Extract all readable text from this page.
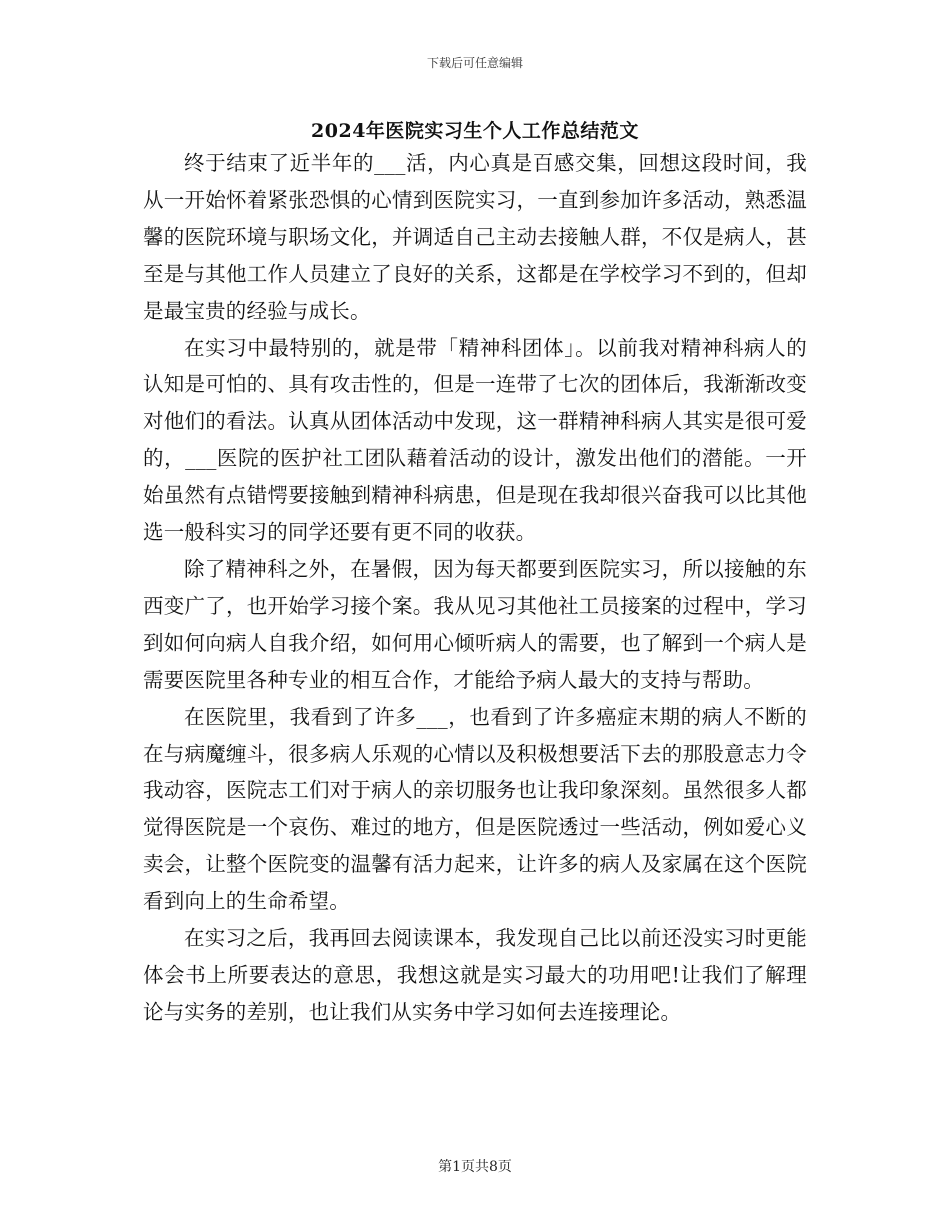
下载后可任意编辑
2024年医院实习生个人工作总结范文

终于结束了近半年的___活，内心真是百感交集，回想这段时间，我从一开始怀着紧张恐惧的心情到医院实习，一直到参加许多活动，熟悉温馨的医院环境与职场文化，并调适自己主动去接触人群，不仅是病人，甚至是与其他工作人员建立了良好的关系，这都是在学校学习不到的，但却是最宝贵的经验与成长。

在实习中最特别的，就是带「精神科团体」。以前我对精神科病人的认知是可怕的、具有攻击性的，但是一连带了七次的团体后，我渐渐改变对他们的看法。认真从团体活动中发现，这一群精神科病人其实是很可爱的，___医院的医护社工团队藉着活动的设计，激发出他们的潜能。一开始虽然有点错愕要接触到精神科病患，但是现在我却很兴奋我可以比其他选一般科实习的同学还要有更不同的收获。

除了精神科之外，在暑假，因为每天都要到医院实习，所以接触的东西变广了，也开始学习接个案。我从见习其他社工员接案的过程中，学习到如何向病人自我介绍，如何用心倾听病人的需要，也了解到一个病人是需要医院里各种专业的相互合作，才能给予病人最大的支持与帮助。

在医院里，我看到了许多___，也看到了许多癌症末期的病人不断的在与病魔缠斗，很多病人乐观的心情以及积极想要活下去的那股意志力令我动容，医院志工们对于病人的亲切服务也让我印象深刻。虽然很多人都觉得医院是一个哀伤、难过的地方，但是医院透过一些活动，例如爱心义卖会，让整个医院变的温馨有活力起来，让许多的病人及家属在这个医院看到向上的生命希望。

在实习之后，我再回去阅读课本，我发现自己比以前还没实习时更能体会书上所要表达的意思，我想这就是实习最大的功用吧!让我们了解理论与实务的差别，也让我们从实务中学习如何去连接理论。

第1页共8页
